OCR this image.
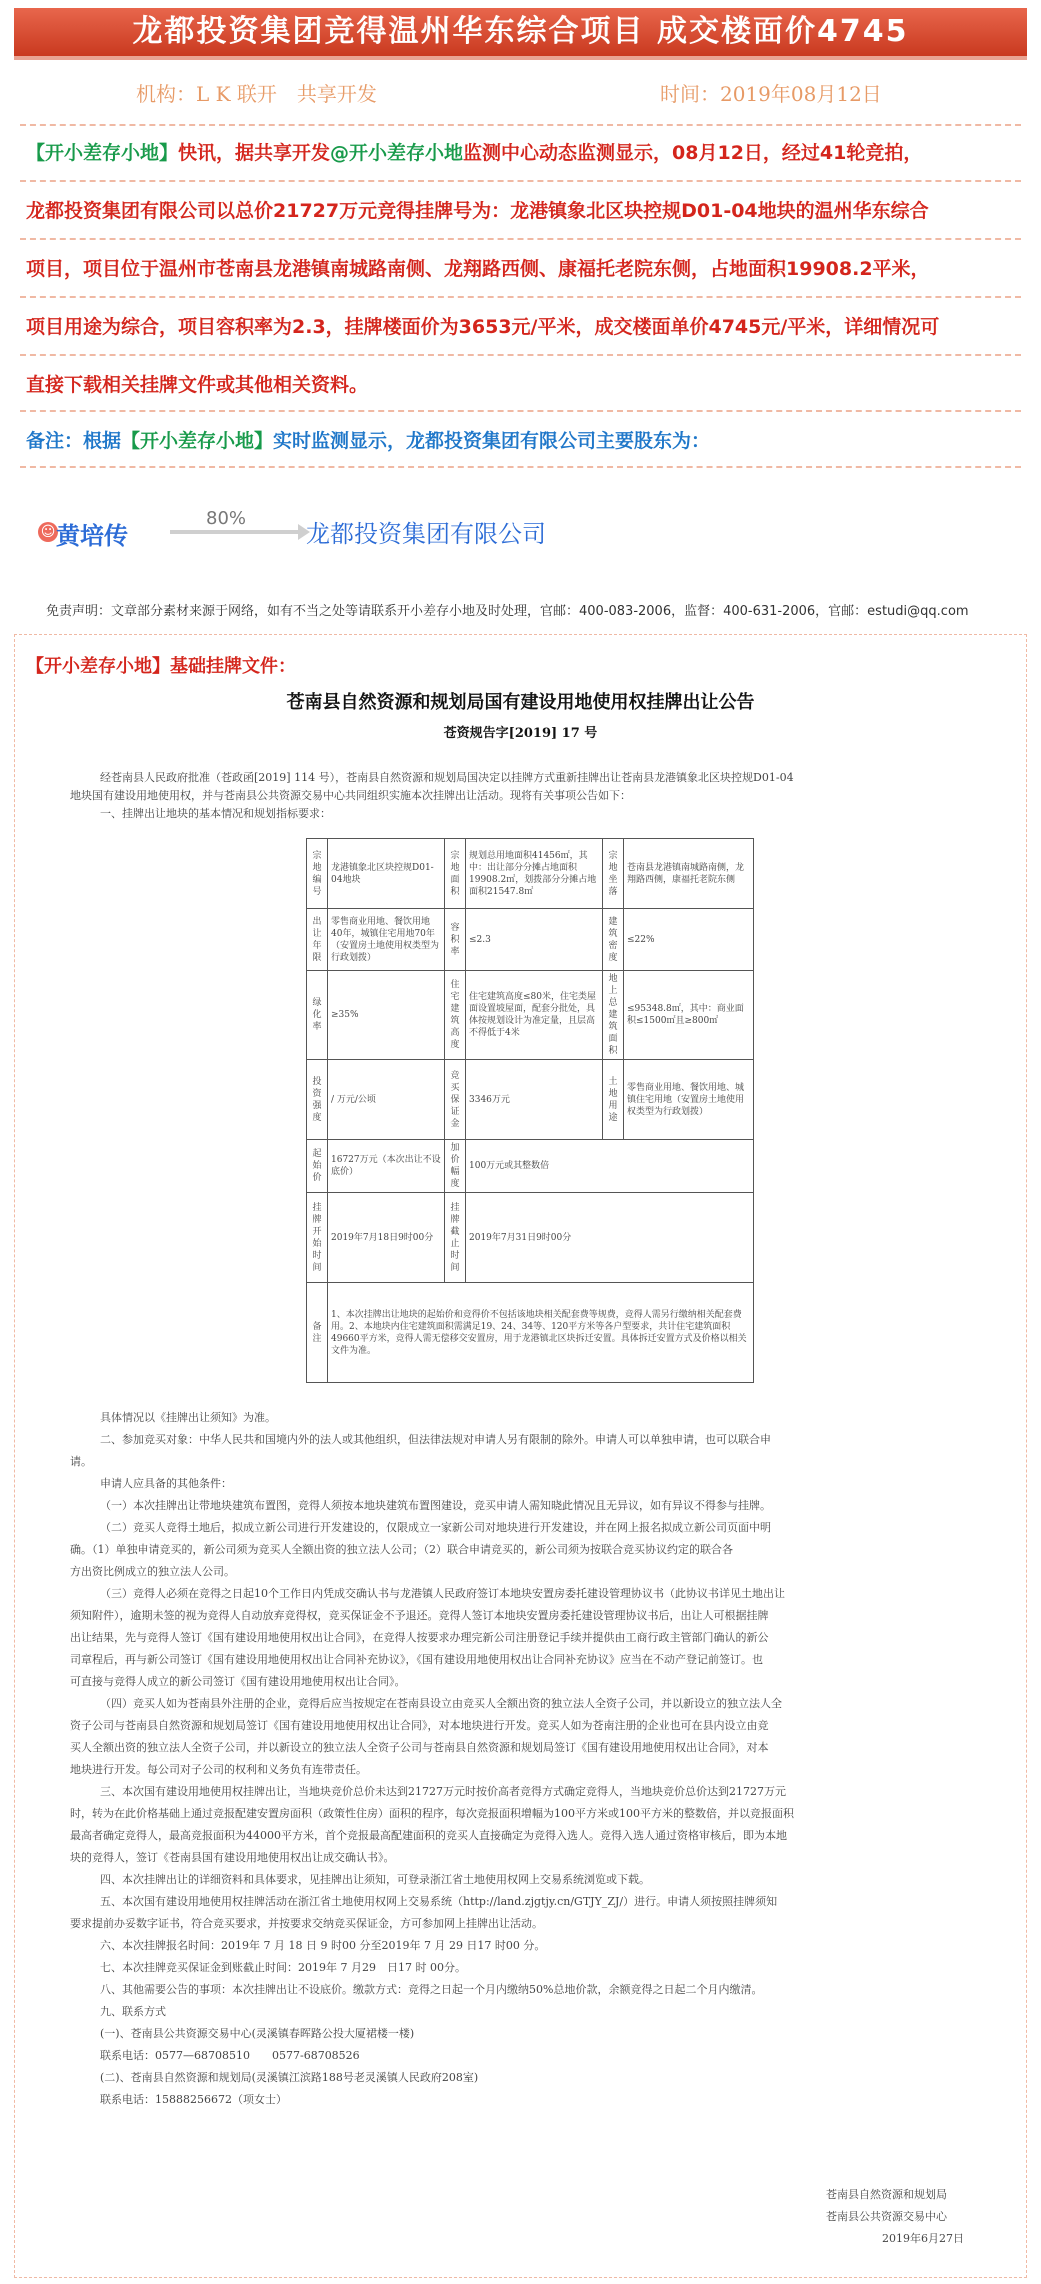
龙都投资集团竞得温州华东综合项目 成交楼面价4745
机构：L K 联开　共享开发	时间：2019年08月12日
【开小差存小地】快讯，据共享开发@开小差存小地监测中心动态监测显示，08月12日，经过41轮竞拍，
龙都投资集团有限公司以总价21727万元竞得挂牌号为：龙港镇象北区块控规D01-04地块的温州华东综合
项目，项目位于温州市苍南县龙港镇南城路南侧、龙翔路西侧、康福托老院东侧，占地面积19908.2平米，
项目用途为综合，项目容积率为2.3，挂牌楼面价为3653元/平米，成交楼面单价4745元/平米，详细情况可
直接下载相关挂牌文件或其他相关资料。
备注：根据【开小差存小地】实时监测显示，龙都投资集团有限公司主要股东为：
☺ 黄培传
80%
龙都投资集团有限公司
免责声明：文章部分素材来源于网络，如有不当之处等请联系开小差存小地及时处理，官邮：400-083-2006，监督：400-631-2006，官邮：estudi@qq.com
【开小差存小地】基础挂牌文件：
苍南县自然资源和规划局国有建设用地使用权挂牌出让公告
苍资规告字[2019] 17 号
经苍南县人民政府批准（苍政函[2019] 114 号），苍南县自然资源和规划局国决定以挂牌方式重新挂牌出让苍南县龙港镇象北区块控规D01-04
地块国有建设用地使用权，并与苍南县公共资源交易中心共同组织实施本次挂牌出让活动。现将有关事项公告如下：
一、挂牌出让地块的基本情况和规划指标要求：
宗地编号	龙港镇象北区块控规D01-04地块	宗地面积	规划总用地面积41456㎡，其中：出让部分分摊占地面积19908.2㎡，划拨部分分摊占地面积21547.8㎡	宗地坐落	苍南县龙港镇南城路南侧，龙翔路西侧，康福托老院东侧
出让年限	零售商业用地、餐饮用地40年，城镇住宅用地70年（安置房土地使用权类型为行政划拨）	容积率	≤2.3	建筑密度	≤22%
绿化率	≥35%	住宅建筑高度	住宅建筑高度≤80米，住宅类屋面设置坡屋面，配套分批处，具体按规划设计为准定量，且层高不得低于4米	地上总建筑面积	≤95348.8㎡，其中：商业面积≤1500㎡且≥800㎡
投资强度	/ 万元/公顷	竞买保证金	3346万元	土地用途	零售商业用地、餐饮用地、城镇住宅用地（安置房土地使用权类型为行政划拨）
起始价	16727万元（本次出让不设底价）	加价幅度	100万元或其整数倍		
挂牌开始时间	2019年7月18日9时00分	挂牌截止时间	2019年7月31日9时00分		
备注	1、本次挂牌出让地块的起始价和竞得价不包括该地块相关配套费等规费，竞得人需另行缴纳相关配套费用。2、本地块内住宅建筑面积需满足19、24、34等、120平方米等各户型要求，共计住宅建筑面积49660平方米，竞得人需无偿移交安置房，用于龙港镇北区块拆迁安置。具体拆迁安置方式及价格以相关文件为准。				
具体情况以《挂牌出让须知》为准。
二、参加竞买对象：中华人民共和国境内外的法人或其他组织，但法律法规对申请人另有限制的除外。申请人可以单独申请，也可以联合申
请。
申请人应具备的其他条件：
（一）本次挂牌出让带地块建筑布置图，竞得人须按本地块建筑布置图建设，竞买申请人需知晓此情况且无异议，如有异议不得参与挂牌。
（二）竞买人竞得土地后，拟成立新公司进行开发建设的，仅限成立一家新公司对地块进行开发建设，并在网上报名拟成立新公司页面中明
确。（1）单独申请竞买的，新公司须为竞买人全额出资的独立法人公司；（2）联合申请竞买的，新公司须为按联合竞买协议约定的联合各
方出资比例成立的独立法人公司。
（三）竞得人必须在竞得之日起10个工作日内凭成交确认书与龙港镇人民政府签订本地块安置房委托建设管理协议书（此协议书详见土地出让
须知附件），逾期未签的视为竞得人自动放弃竞得权，竞买保证金不予退还。竞得人签订本地块安置房委托建设管理协议书后，出让人可根据挂牌
出让结果，先与竞得人签订《国有建设用地使用权出让合同》，在竞得人按要求办理完新公司注册登记手续并提供由工商行政主管部门确认的新公
司章程后，再与新公司签订《国有建设用地使用权出让合同补充协议》，《国有建设用地使用权出让合同补充协议》应当在不动产登记前签订。也
可直接与竞得人成立的新公司签订《国有建设用地使用权出让合同》。
（四）竞买人如为苍南县外注册的企业，竞得后应当按规定在苍南县设立由竞买人全额出资的独立法人全资子公司，并以新设立的独立法人全
资子公司与苍南县自然资源和规划局签订《国有建设用地使用权出让合同》，对本地块进行开发。竞买人如为苍南注册的企业也可在县内设立由竞
买人全额出资的独立法人全资子公司，并以新设立的独立法人全资子公司与苍南县自然资源和规划局签订《国有建设用地使用权出让合同》，对本
地块进行开发。每公司对子公司的权利和义务负有连带责任。
三、本次国有建设用地使用权挂牌出让，当地块竞价总价未达到21727万元时按价高者竞得方式确定竞得人，当地块竞价总价达到21727万元
时，转为在此价格基础上通过竞报配建安置房面积（政策性住房）面积的程序，每次竞报面积增幅为100平方米或100平方米的整数倍，并以竞报面积
最高者确定竞得人，最高竞报面积为44000平方米，首个竞报最高配建面积的竞买人直接确定为竞得入选人。竞得入选人通过资格审核后，即为本地
块的竞得人，签订《苍南县国有建设用地使用权出让成交确认书》。
四、本次挂牌出让的详细资料和具体要求，见挂牌出让须知，可登录浙江省土地使用权网上交易系统浏览或下载。
五、本次国有建设用地使用权挂牌活动在浙江省土地使用权网上交易系统（http://land.zjgtjy.cn/GTJY_ZJ/）进行。申请人须按照挂牌须知
要求提前办妥数字证书，符合竞买要求，并按要求交纳竞买保证金，方可参加网上挂牌出让活动。
六、本次挂牌报名时间：2019年 7 月 18 日 9 时00 分至2019年 7 月 29 日17 时00 分。
七、本次挂牌竞买保证金到账截止时间：2019年 7 月29　日17 时 00分。
八、其他需要公告的事项：本次挂牌出让不设底价。缴款方式：竞得之日起一个月内缴纳50%总地价款，余额竞得之日起二个月内缴清。
九、联系方式
(一)、苍南县公共资源交易中心(灵溪镇春晖路公投大厦裙楼一楼)
联系电话：0577—68708510　　0577-68708526
(二)、苍南县自然资源和规划局(灵溪镇江滨路188号老灵溪镇人民政府208室)
联系电话：15888256672（项女士）
苍南县自然资源和规划局
苍南县公共资源交易中心
2019年6月27日
